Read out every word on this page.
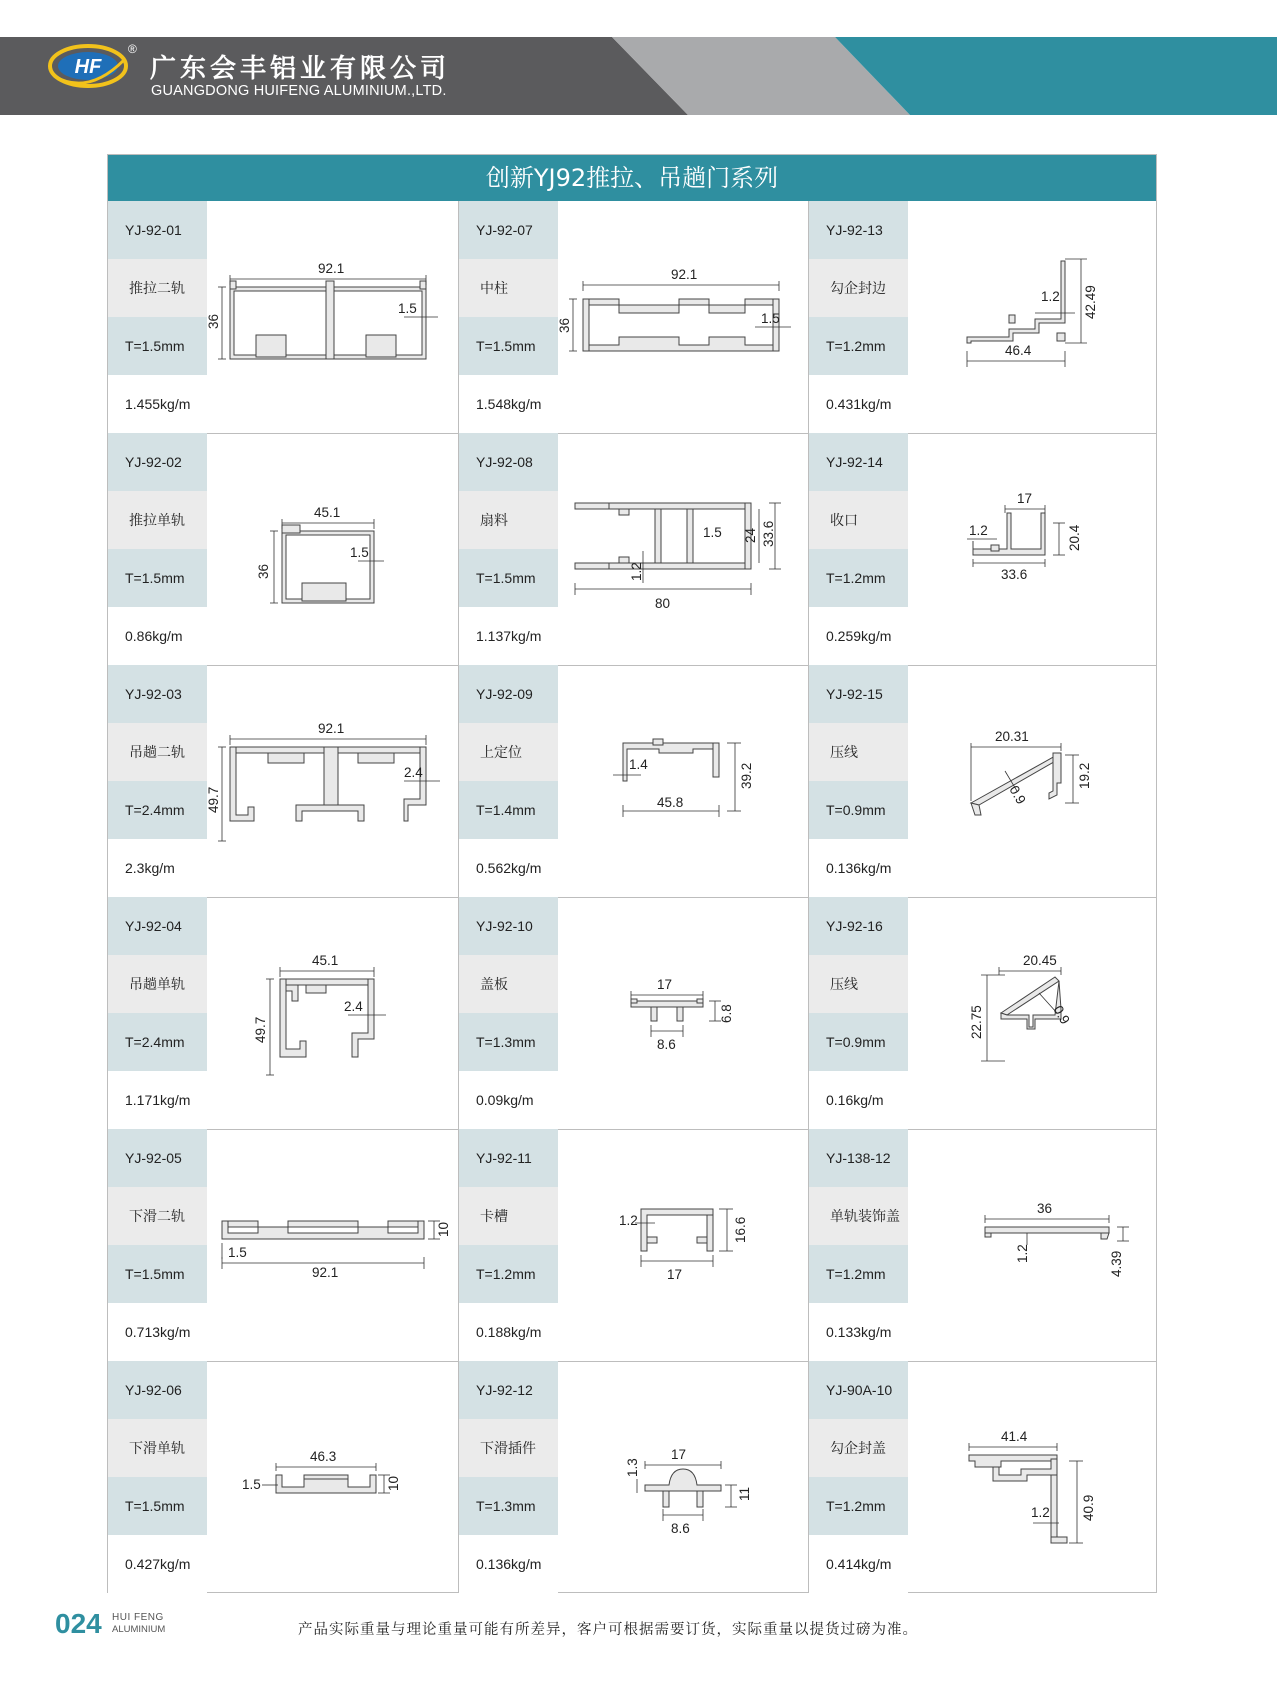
HF
®
广东会丰铝业有限公司
GUANGDONG HUIFENG ALUMINIUM.,LTD.
创新YJ92推拉、吊趟门系列
YJ-92-01
推拉二轨
T=1.5mm
1.455kg/m
92.1
36
1.5
YJ-92-07
中柱
T=1.5mm
1.548kg/m
92.1
36	1.5
YJ-92-13
勾企封边
T=1.2mm
0.431kg/m
46.4
1.2 42.49
YJ-92-02
推拉单轨
T=1.5mm
0.86kg/m
45.1
36
1.5
YJ-92-08
扇料
T=1.5mm
1.137kg/m
80
1.2
1.5 24 33.6
YJ-92-14
收口
T=1.2mm
0.259kg/m
17
1.2	20.4
33.6
YJ-92-03
吊趟二轨
T=2.4mm
2.3kg/m
92.1
49.7
2.4
YJ-92-09
上定位
T=1.4mm
0.562kg/m
1.4	39.2
45.8
YJ-92-15
压线
T=0.9mm
0.136kg/m
20.31
0.9
19.2
YJ-92-04
吊趟单轨
T=2.4mm
1.171kg/m
45.1
49.7
2.4
YJ-92-10
盖板
T=1.3mm
0.09kg/m
17
6.8
8.6
YJ-92-16
压线
T=0.9mm
0.16kg/m
20.45
0.9
22.75
YJ-92-05
下滑二轨
T=1.5mm
0.713kg/m
1.5
92.1
10
YJ-92-11
卡槽
T=1.2mm
0.188kg/m
1.2	16.6
17
YJ-138-12
单轨装饰盖
T=1.2mm
0.133kg/m
36
1.2	4.39
YJ-92-06
下滑单轨
T=1.5mm
0.427kg/m
46.3
1.5	10
YJ-92-12
下滑插件
T=1.3mm
0.136kg/m
17
1.3
11
8.6
YJ-90A-10
勾企封盖
T=1.2mm
0.414kg/m
41.4
1.2 40.9
024 HUI FENG
ALUMINIUM	产品实际重量与理论重量可能有所差异，客户可根据需要订货，实际重量以提货过磅为准。
